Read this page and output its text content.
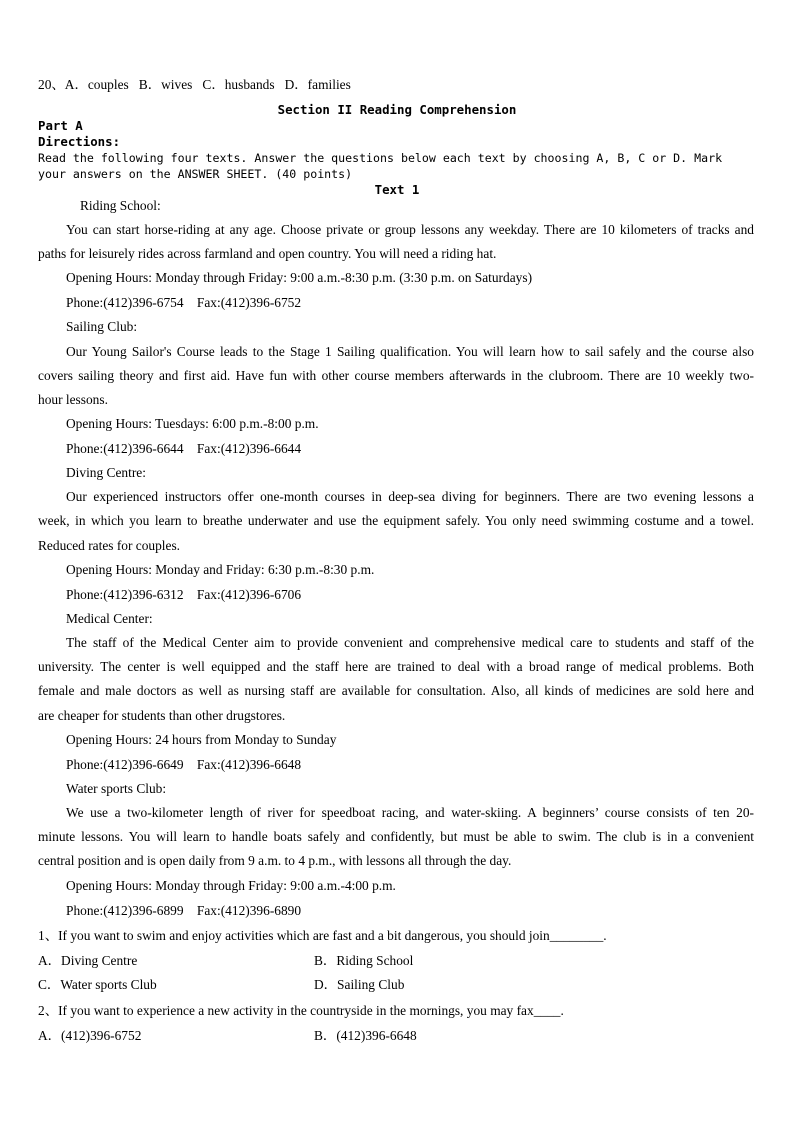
20、A．couples B．wives C．husbands D．families
Section II Reading Comprehension
Part A
Directions:
Read the following four texts. Answer the questions below each text by choosing A, B, C or D. Mark
your answers on the ANSWER SHEET. (40 points)
Text 1
Riding School:
You can start horse-riding at any age. Choose private or group lessons any weekday. There are 10 kilometers of tracks and
paths for leisurely rides across farmland and open country. You will need a riding hat.
Opening Hours: Monday through Friday: 9:00 a.m.-8:30 p.m. (3:30 p.m. on Saturdays)
Phone:(412)396-6754    Fax:(412)396-6752
Sailing Club:
Our Young Sailor's Course leads to the Stage 1 Sailing qualification. You will learn how to sail safely and the course also
covers sailing theory and first aid. Have fun with other course members afterwards in the clubroom. There are 10 weekly two-
hour lessons.
Opening Hours: Tuesdays: 6:00 p.m.-8:00 p.m.
Phone:(412)396-6644    Fax:(412)396-6644
Diving Centre:
Our experienced instructors offer one-month courses in deep-sea diving for beginners. There are two evening lessons a
week, in which you learn to breathe underwater and use the equipment safely. You only need swimming costume and a towel.
Reduced rates for couples.
Opening Hours: Monday and Friday: 6:30 p.m.-8:30 p.m.
Phone:(412)396-6312    Fax:(412)396-6706
Medical Center:
The staff of the Medical Center aim to provide convenient and comprehensive medical care to students and staff of the
university. The center is well equipped and the staff here are trained to deal with a broad range of medical problems. Both
female and male doctors as well as nursing staff are available for consultation. Also, all kinds of medicines are sold here and
are cheaper for students than other drugstores.
Opening Hours: 24 hours from Monday to Sunday
Phone:(412)396-6649    Fax:(412)396-6648
Water sports Club:
We use a two-kilometer length of river for speedboat racing, and water-skiing. A beginners’ course consists of ten 20-
minute lessons. You will learn to handle boats safely and confidently, but must be able to swim. The club is in a convenient
central position and is open daily from 9 a.m. to 4 p.m., with lessons all through the day.
Opening Hours: Monday through Friday: 9:00 a.m.-4:00 p.m.
Phone:(412)396-6899    Fax:(412)396-6890
1、If you want to swim and enjoy activities which are fast and a bit dangerous, you should join________.
A．Diving Centre	B．Riding School
C．Water sports Club	D．Sailing Club
2、If you want to experience a new activity in the countryside in the mornings, you may fax____.
A．(412)396-6752	B．(412)396-6648
